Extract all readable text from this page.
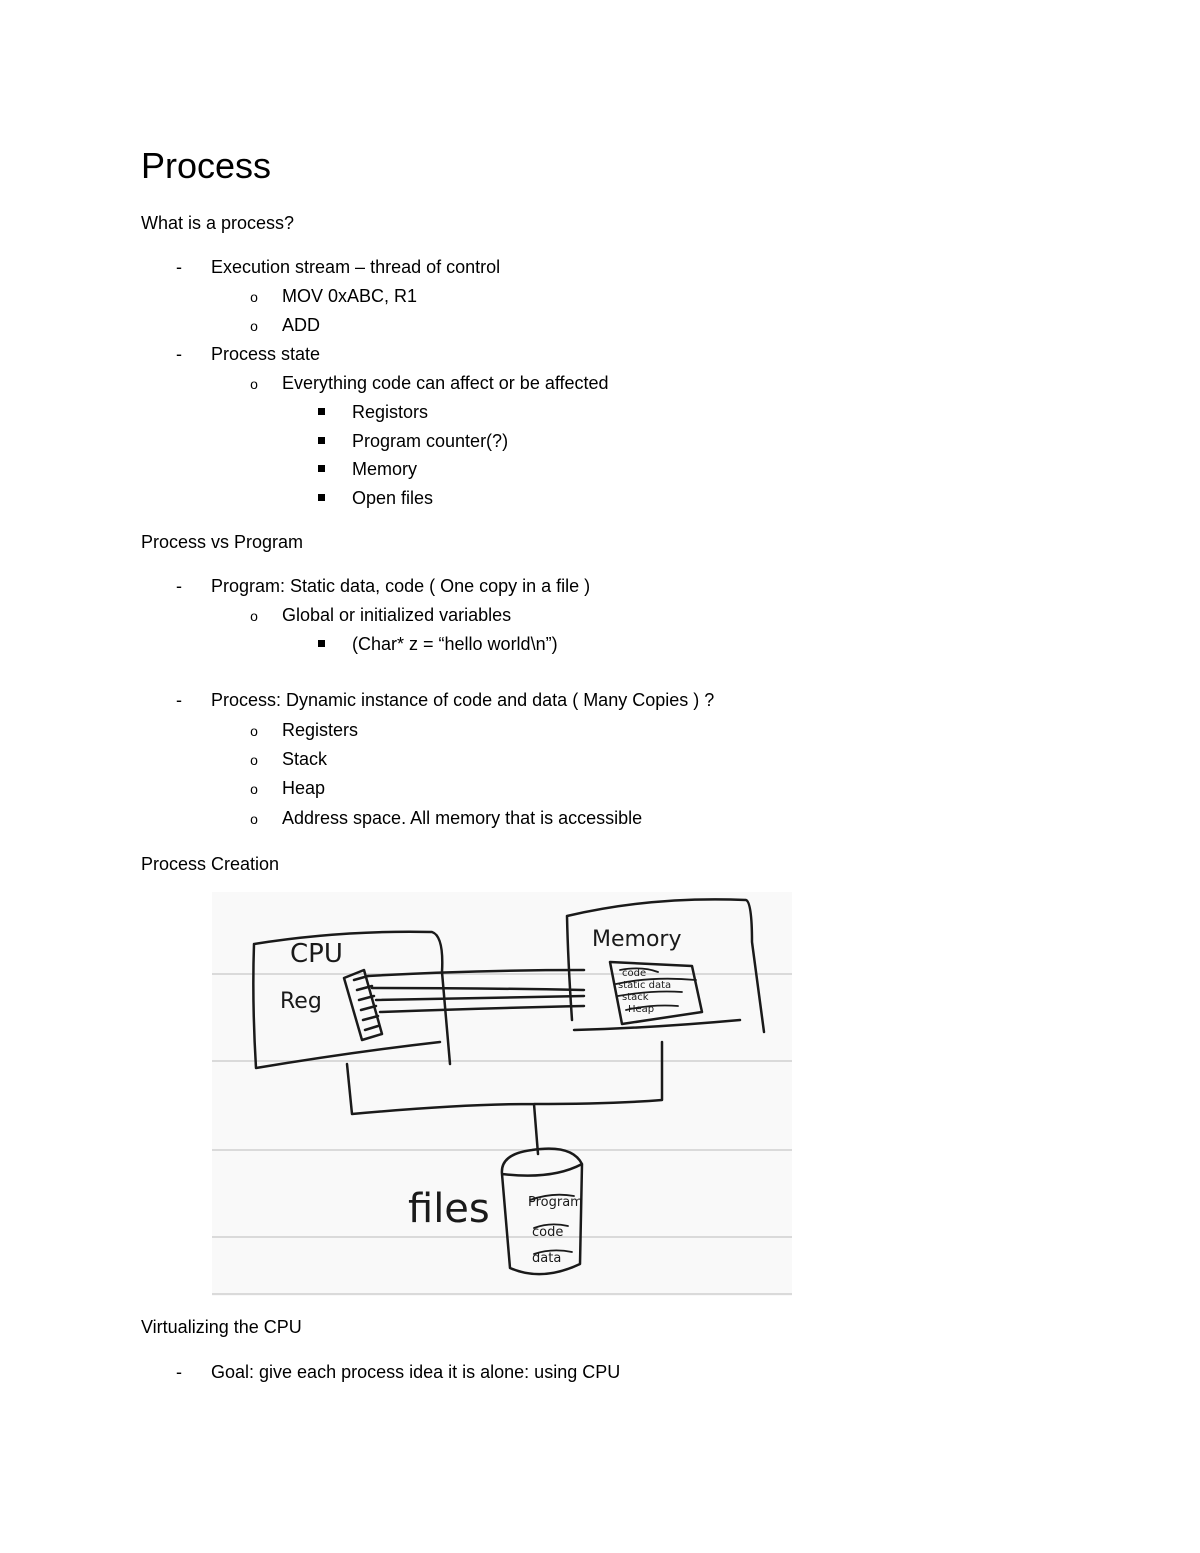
Process
What is a process?
- Execution stream – thread of control
o	MOV 0xABC, R1
o	ADD
- Process state
o	Everything code can affect or be affected
Registors
Program counter(?)
Memory
Open files
Process vs Program
- Program: Static data, code ( One copy in a file )
o	Global or initialized variables
(Char* z = “hello world\n”)
- Process: Dynamic instance of code and data ( Many Copies ) ?
o	Registers
o	Stack
o	Heap
o	Address space. All memory that is accessible
Process Creation
CPU
Reg
Memory
files
code
static data
stack
Heap
Program
code
data
Virtualizing the CPU
- Goal: give each process idea it is alone: using CPU
